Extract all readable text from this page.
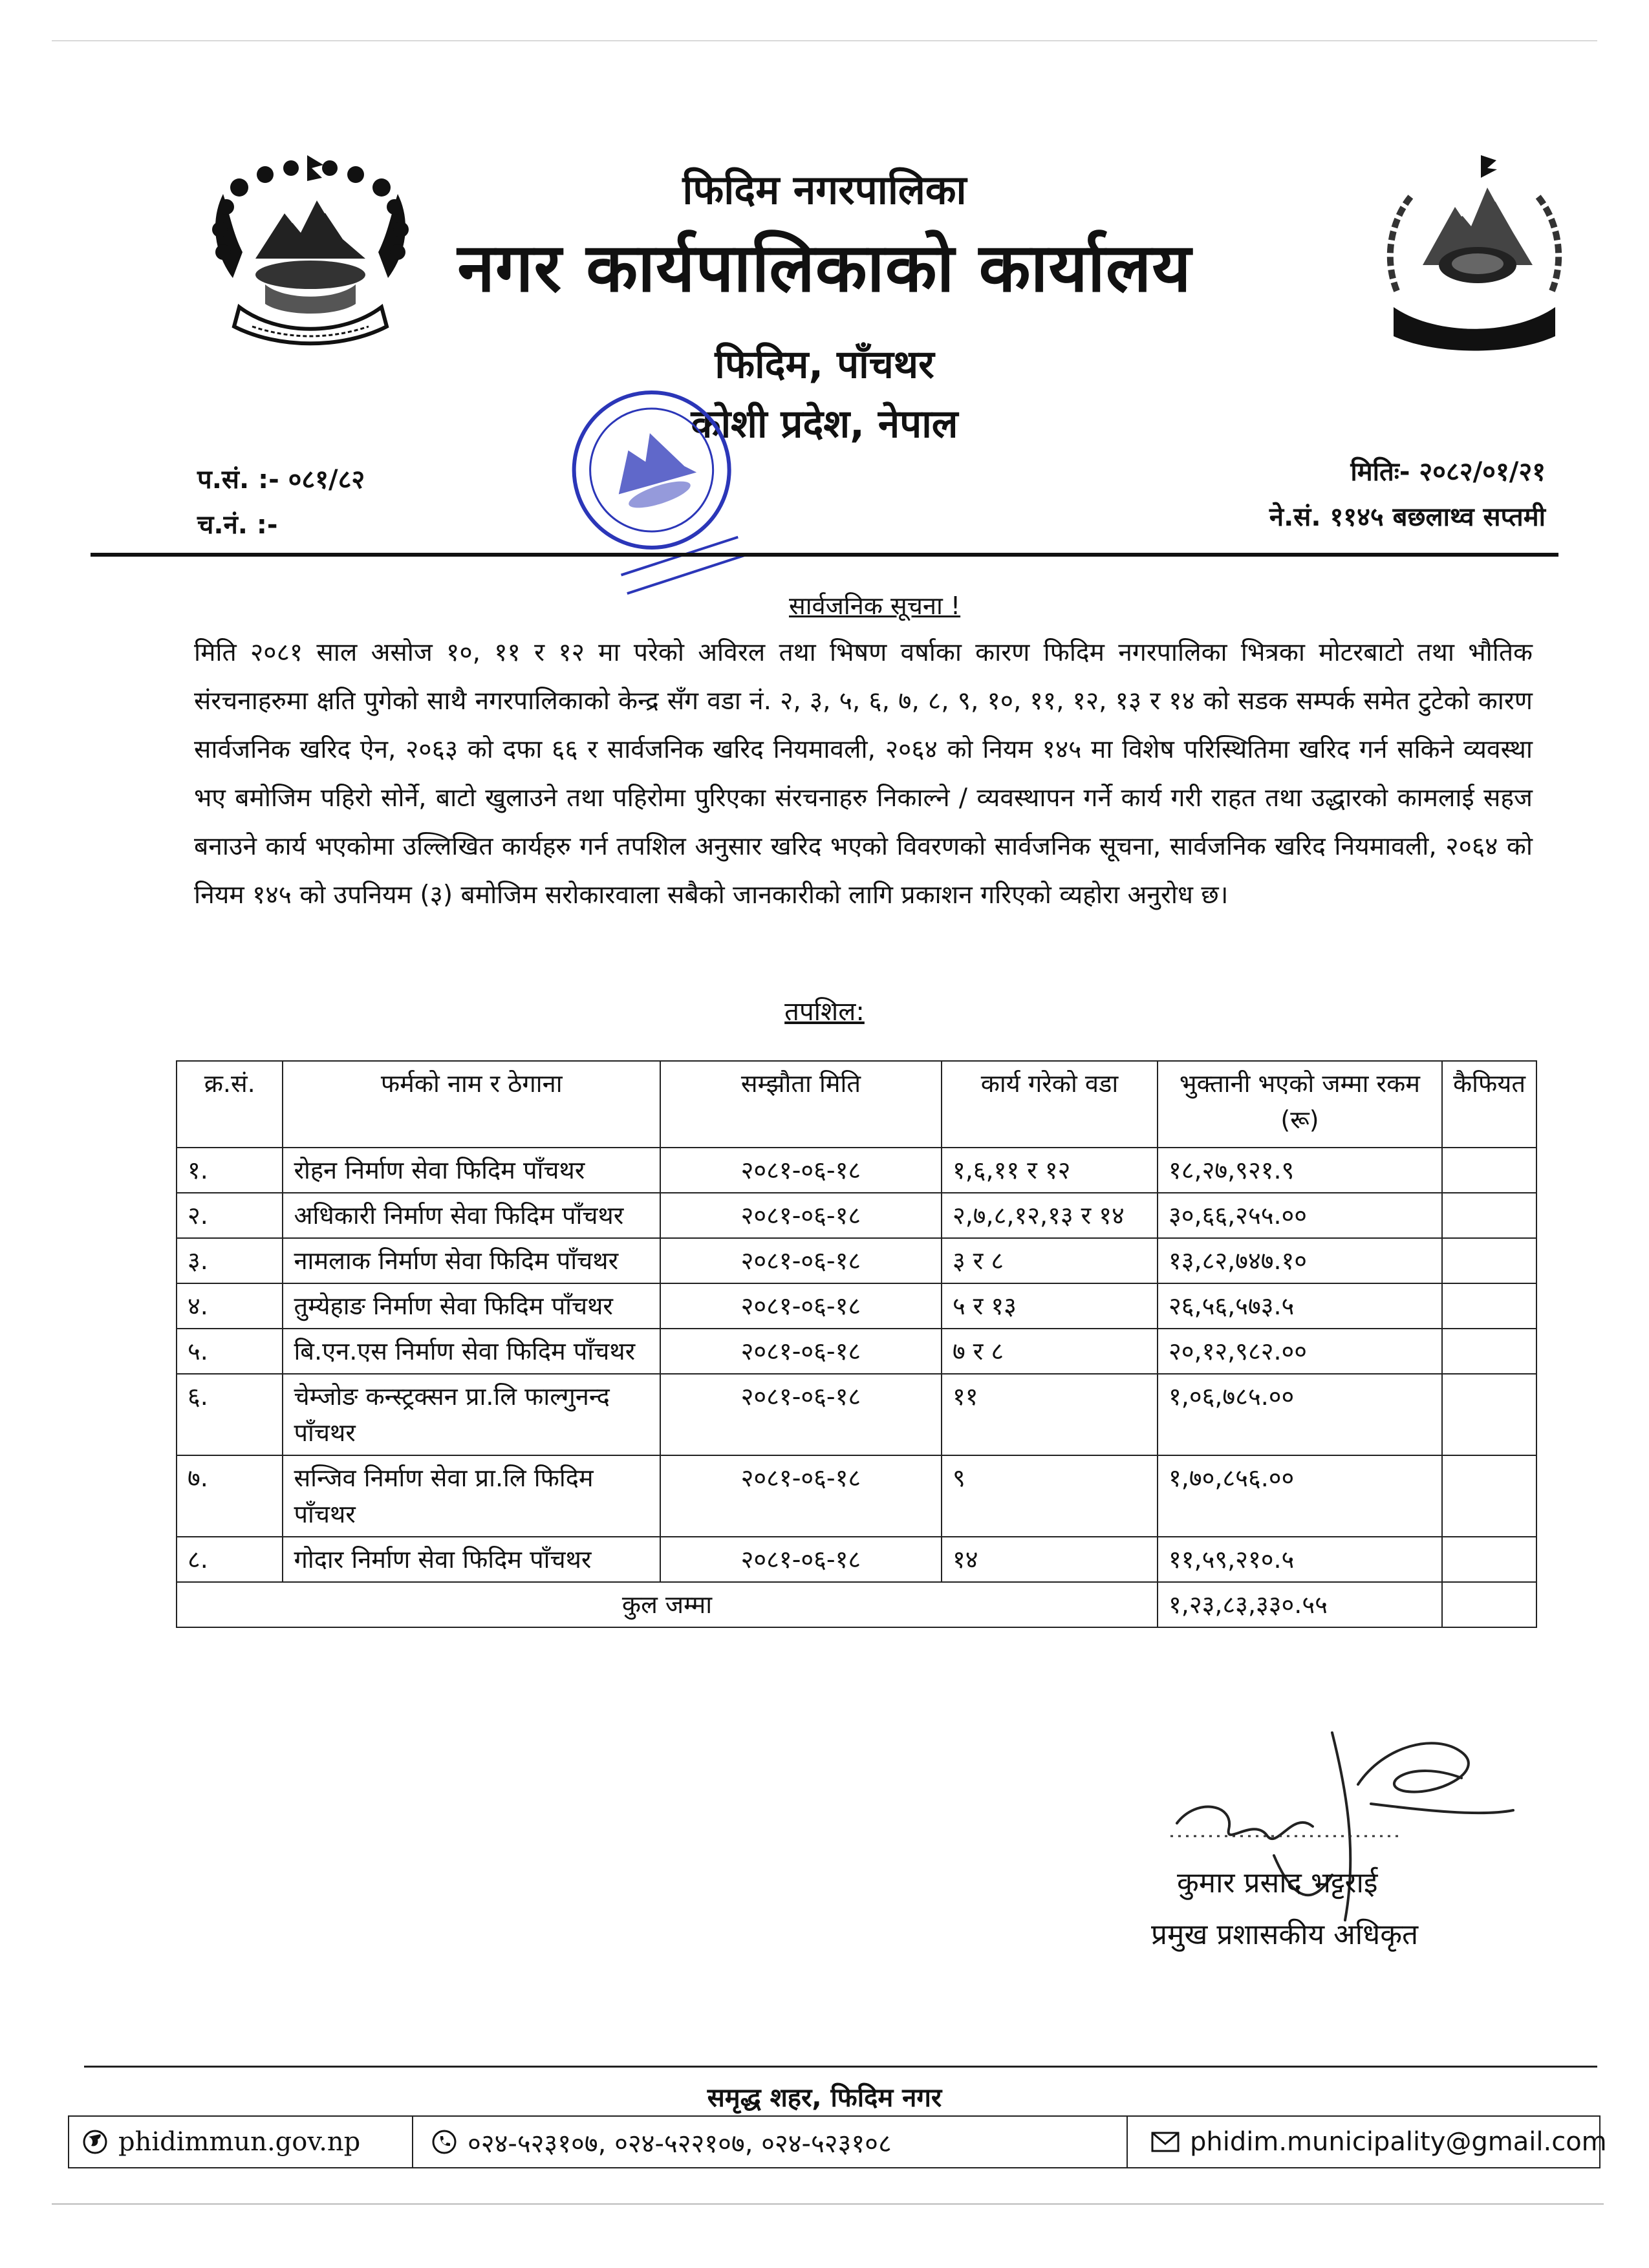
फिदिम नगरपालिका
नगर कार्यपालिकाको कार्यालय
फिदिम, पाँचथर
कोशी प्रदेश, नेपाल
प.सं. :- ०८१/८२
च.नं. :-
मितिः- २०८२/०१/२१
ने.सं. ११४५ बछलाथ्व सप्तमी
सार्वजनिक सूचना !
मिति २०८१ साल असोज १०, ११ र १२ मा परेको अविरल तथा भिषण वर्षाका कारण फिदिम नगरपालिका भित्रका मोटरबाटो तथा भौतिक संरचनाहरुमा क्षति पुगेको साथै नगरपालिकाको केन्द्र सँग वडा नं. २, ३, ५, ६, ७, ८, ९, १०, ११, १२, १३ र १४ को सडक सम्पर्क समेत टुटेको कारण सार्वजनिक खरिद ऐन, २०६३ को दफा ६६ र सार्वजनिक खरिद नियमावली, २०६४ को नियम १४५ मा विशेष परिस्थितिमा खरिद गर्न सकिने व्यवस्था भए बमोजिम पहिरो सोर्ने, बाटो खुलाउने तथा पहिरोमा पुरिएका संरचनाहरु निकाल्ने / व्यवस्थापन गर्ने कार्य गरी राहत तथा उद्धारको कामलाई सहज बनाउने कार्य भएकोमा उल्लिखित कार्यहरु गर्न तपशिल अनुसार खरिद भएको विवरणको सार्वजनिक सूचना, सार्वजनिक खरिद नियमावली, २०६४ को नियम १४५ को उपनियम (३) बमोजिम सरोकारवाला सबैको जानकारीको लागि प्रकाशन गरिएको व्यहोरा अनुरोध छ।
तपशिल:
क्र.सं.	फर्मको नाम र ठेगाना	सम्झौता मिति	कार्य गरेको वडा	भुक्तानी भएको जम्मा रकम (रू)	कैफियत
१.	रोहन निर्माण सेवा फिदिम पाँचथर	२०८१-०६-१८	१,६,११ र १२	१८,२७,९२१.९	
२.	अधिकारी निर्माण सेवा फिदिम पाँचथर	२०८१-०६-१८	२,७,८,१२,१३ र १४	३०,६६,२५५.००	
३.	नामलाक निर्माण सेवा फिदिम पाँचथर	२०८१-०६-१८	३ र ८	१३,८२,७४७.१०	
४.	तुम्येहाङ निर्माण सेवा फिदिम पाँचथर	२०८१-०६-१८	५ र १३	२६,५६,५७३.५	
५.	बि.एन.एस निर्माण सेवा फिदिम पाँचथर	२०८१-०६-१८	७ र ८	२०,१२,९८२.००	
६.	चेम्जोङ कन्स्ट्रक्सन प्रा.लि फाल्गुनन्द पाँचथर	२०८१-०६-१८	११	१,०६,७८५.००	
७.	सन्जिव निर्माण सेवा प्रा.लि फिदिम पाँचथर	२०८१-०६-१८	९	१,७०,८५६.००	
८.	गोदार निर्माण सेवा फिदिम पाँचथर	२०८१-०६-१८	१४	११,५९,२१०.५	
कुल जम्मा				१,२३,८३,३३०.५५	
कुमार प्रसाद भट्टराई
प्रमुख प्रशासकीय अधिकृत
समृद्ध शहर, फिदिम नगर
phidimmun.gov.np	०२४-५२३१०७, ०२४-५२२१०७, ०२४-५२३१०८	phidim.municipality@gmail.com
